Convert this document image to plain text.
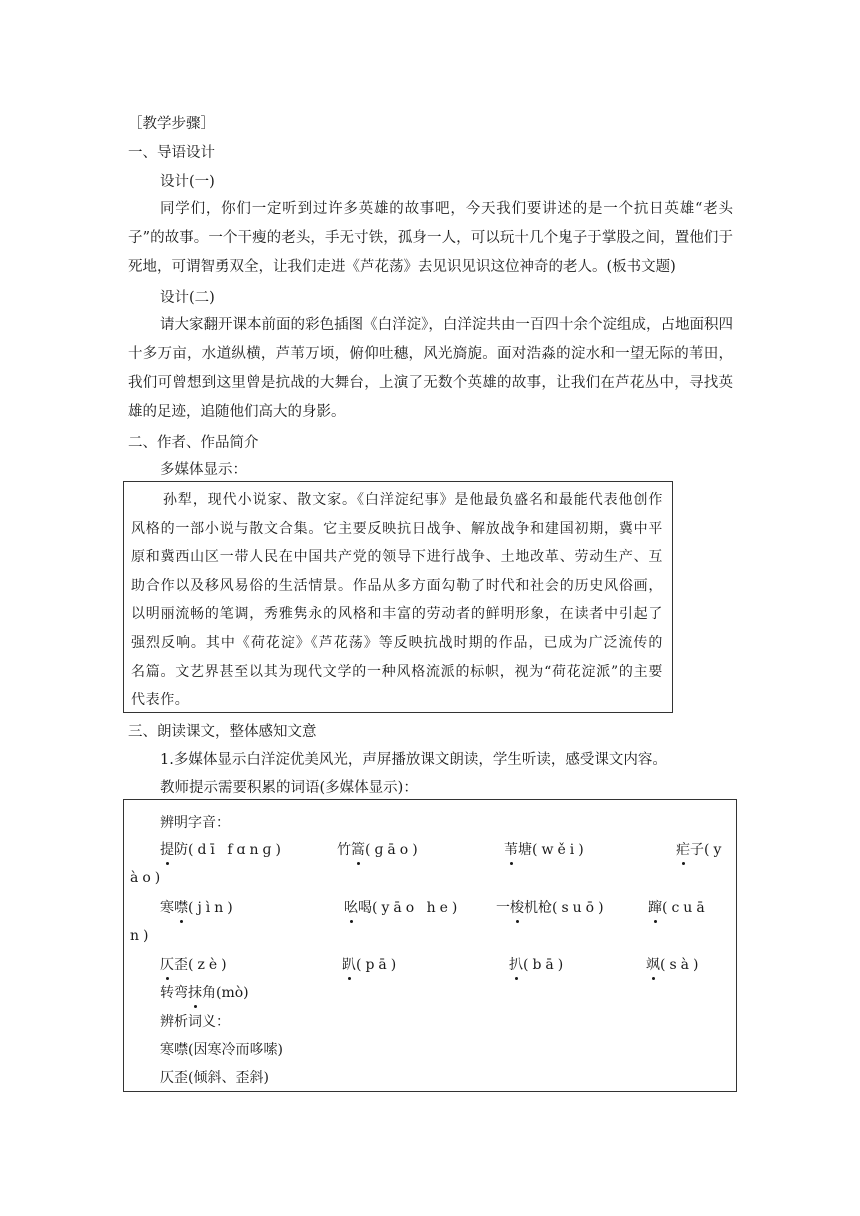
［教学步骤］
一、导语设计
设计(一)

同学们，你们一定听到过许多英雄的故事吧，今天我们要讲述的是一个抗日英雄“老头子”的故事。一个干瘦的老头，手无寸铁，孤身一人，可以玩十几个鬼子于掌股之间，置他们于死地，可谓智勇双全，让我们走进《芦花荡》去见识见识这位神奇的老人。(板书文题)

设计(二)

请大家翻开课本前面的彩色插图《白洋淀》，白洋淀共由一百四十余个淀组成，占地面积四十多万亩，水道纵横，芦苇万顷，俯仰吐穗，风光旖旎。面对浩淼的淀水和一望无际的苇田，我们可曾想到这里曾是抗战的大舞台，上演了无数个英雄的故事，让我们在芦花丛中，寻找英雄的足迹，追随他们高大的身影。

二、作者、作品简介
多媒体显示：

孙犁，现代小说家、散文家。《白洋淀纪事》是他最负盛名和最能代表他创作风格的一部小说与散文合集。它主要反映抗日战争、解放战争和建国初期，冀中平原和冀西山区一带人民在中国共产党的领导下进行战争、土地改革、劳动生产、互助合作以及移风易俗的生活情景。作品从多方面勾勒了时代和社会的历史风俗画，以明丽流畅的笔调，秀雅隽永的风格和丰富的劳动者的鲜明形象，在读者中引起了强烈反响。其中《荷花淀》《芦花荡》等反映抗战时期的作品，已成为广泛流传的名篇。文艺界甚至以其为现代文学的一种风格流派的标帜，视为“荷花淀派”的主要代表作。

三、朗读课文，整体感知文意
1.多媒体显示白洋淀优美风光，声屏播放课文朗读，学生听读，感受课文内容。
教师提示需要积累的词语(多媒体显示)：
辨明字音：
提防(dī fɑnɡ)	竹篙(ɡāo)	苇塘(wěi)	疟子(y
ào)
寒噤(jìn)	吆喝(yāo he) 一梭机枪(suō)	蹿(cuā
n)
仄歪(zè)	趴(pā)	扒(bā)	飒(sà)
转弯抹角(mò)
辨析词义：
寒噤(因寒冷而哆嗦)
仄歪(倾斜、歪斜)
